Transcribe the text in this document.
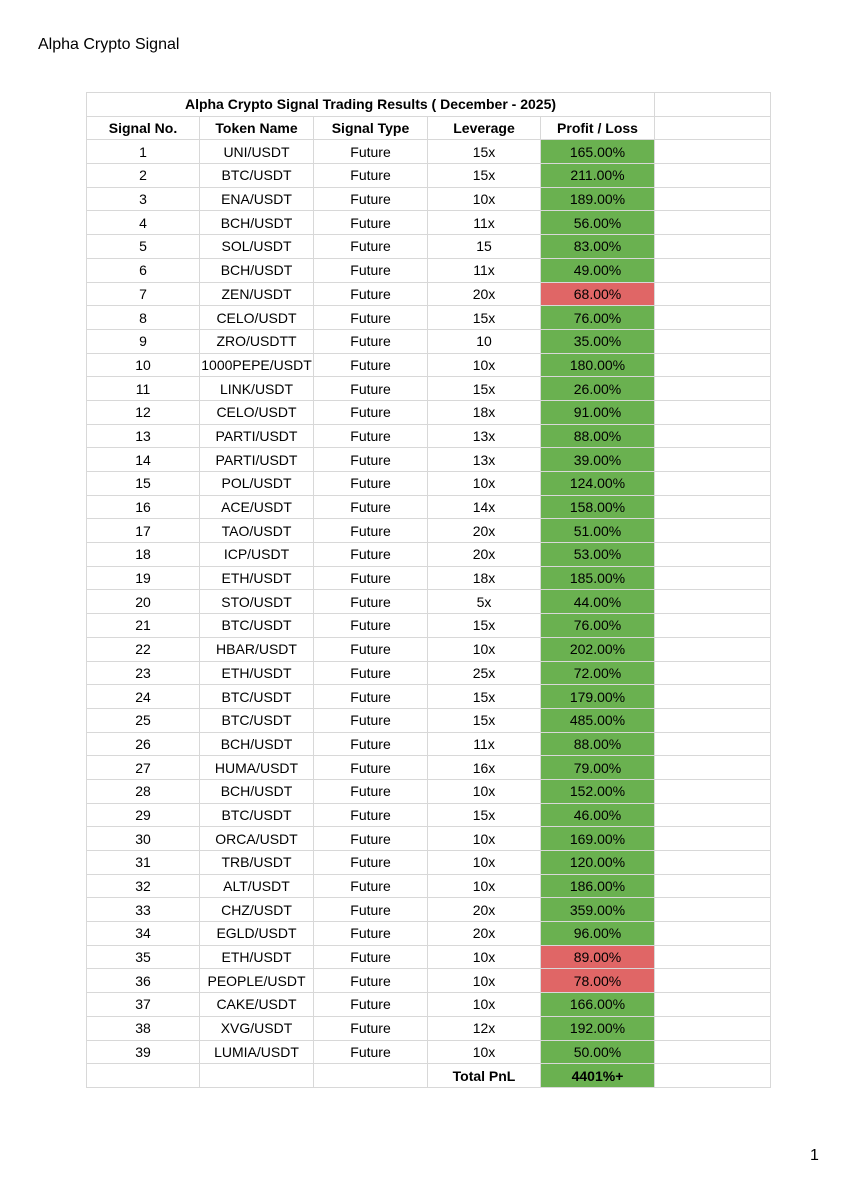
Alpha Crypto Signal
Alpha Crypto Signal Trading Results ( December - 2025)					
Signal No.	Token Name	Signal Type	Leverage	Profit / Loss	
1	UNI/USDT	Future	15x	165.00%	
2	BTC/USDT	Future	15x	211.00%	
3	ENA/USDT	Future	10x	189.00%	
4	BCH/USDT	Future	11x	56.00%	
5	SOL/USDT	Future	15	83.00%	
6	BCH/USDT	Future	11x	49.00%	
7	ZEN/USDT	Future	20x	68.00%	
8	CELO/USDT	Future	15x	76.00%	
9	ZRO/USDTT	Future	10	35.00%	
10	1000PEPE/USDT	Future	10x	180.00%	
11	LINK/USDT	Future	15x	26.00%	
12	CELO/USDT	Future	18x	91.00%	
13	PARTI/USDT	Future	13x	88.00%	
14	PARTI/USDT	Future	13x	39.00%	
15	POL/USDT	Future	10x	124.00%	
16	ACE/USDT	Future	14x	158.00%	
17	TAO/USDT	Future	20x	51.00%	
18	ICP/USDT	Future	20x	53.00%	
19	ETH/USDT	Future	18x	185.00%	
20	STO/USDT	Future	5x	44.00%	
21	BTC/USDT	Future	15x	76.00%	
22	HBAR/USDT	Future	10x	202.00%	
23	ETH/USDT	Future	25x	72.00%	
24	BTC/USDT	Future	15x	179.00%	
25	BTC/USDT	Future	15x	485.00%	
26	BCH/USDT	Future	11x	88.00%	
27	HUMA/USDT	Future	16x	79.00%	
28	BCH/USDT	Future	10x	152.00%	
29	BTC/USDT	Future	15x	46.00%	
30	ORCA/USDT	Future	10x	169.00%	
31	TRB/USDT	Future	10x	120.00%	
32	ALT/USDT	Future	10x	186.00%	
33	CHZ/USDT	Future	20x	359.00%	
34	EGLD/USDT	Future	20x	96.00%	
35	ETH/USDT	Future	10x	89.00%	
36	PEOPLE/USDT	Future	10x	78.00%	
37	CAKE/USDT	Future	10x	166.00%	
38	XVG/USDT	Future	12x	192.00%	
39	LUMIA/USDT	Future	10x	50.00%	
			Total PnL	4401%+	
1
